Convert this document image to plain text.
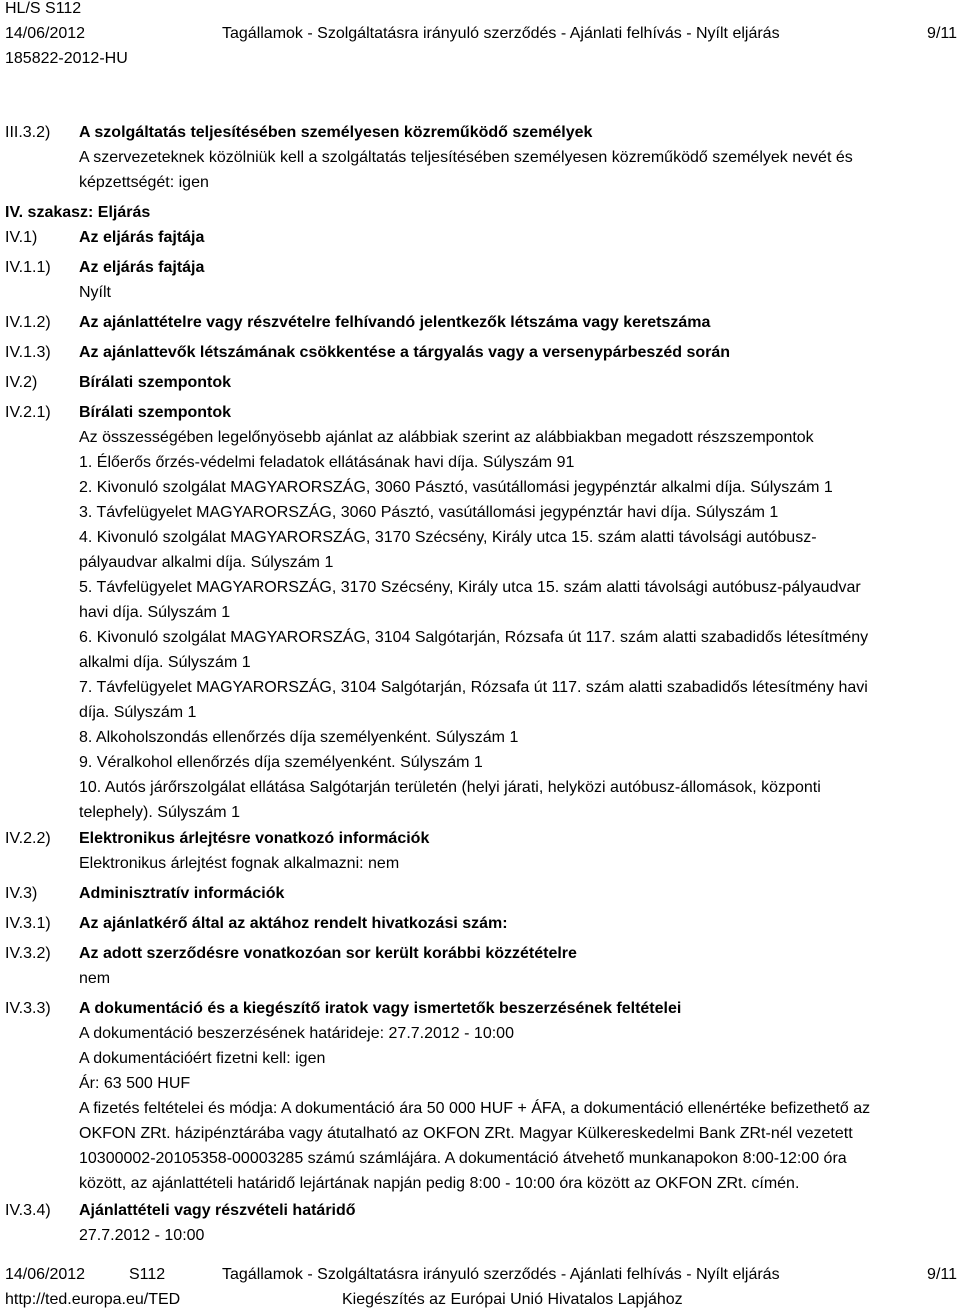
HL/S S112
14/06/2012	Tagállamok - Szolgáltatásra irányuló szerződés - Ajánlati felhívás - Nyílt eljárás	9/11
185822-2012-HU
III.3.2) A szolgáltatás teljesítésében személyesen közreműködő személyek
A szervezeteknek közölniük kell a szolgáltatás teljesítésében személyesen közreműködő személyek nevét és
képzettségét: igen
IV. szakasz: Eljárás
IV.1)	Az eljárás fajtája
IV.1.1) Az eljárás fajtája
Nyílt
IV.1.2) Az ajánlattételre vagy részvételre felhívandó jelentkezők létszáma vagy keretszáma
IV.1.3) Az ajánlattevők létszámának csökkentése a tárgyalás vagy a versenypárbeszéd során
IV.2)	Bírálati szempontok
IV.2.1) Bírálati szempontok
Az összességében legelőnyösebb ajánlat az alábbiak szerint az alábbiakban megadott részszempontok
1. Élőerős őrzés-védelmi feladatok ellátásának havi díja. Súlyszám 91
2. Kivonuló szolgálat MAGYARORSZÁG, 3060 Pásztó, vasútállomási jegypénztár alkalmi díja. Súlyszám 1
3. Távfelügyelet MAGYARORSZÁG, 3060 Pásztó, vasútállomási jegypénztár havi díja. Súlyszám 1
4. Kivonuló szolgálat MAGYARORSZÁG, 3170 Szécsény, Király utca 15. szám alatti távolsági autóbusz-
pályaudvar alkalmi díja. Súlyszám 1
5. Távfelügyelet MAGYARORSZÁG, 3170 Szécsény, Király utca 15. szám alatti távolsági autóbusz-pályaudvar
havi díja. Súlyszám 1
6. Kivonuló szolgálat MAGYARORSZÁG, 3104 Salgótarján, Rózsafa út 117. szám alatti szabadidős létesítmény
alkalmi díja. Súlyszám 1
7. Távfelügyelet MAGYARORSZÁG, 3104 Salgótarján, Rózsafa út 117. szám alatti szabadidős létesítmény havi
díja. Súlyszám 1
8. Alkoholszondás ellenőrzés díja személyenként. Súlyszám 1
9. Véralkohol ellenőrzés díja személyenként. Súlyszám 1
10. Autós járőrszolgálat ellátása Salgótarján területén (helyi járati, helyközi autóbusz-állomások, központi
telephely). Súlyszám 1
IV.2.2) Elektronikus árlejtésre vonatkozó információk
Elektronikus árlejtést fognak alkalmazni: nem
IV.3)	Adminisztratív információk
IV.3.1) Az ajánlatkérő által az aktához rendelt hivatkozási szám:
IV.3.2) Az adott szerződésre vonatkozóan sor került korábbi közzétételre
nem
IV.3.3) A dokumentáció és a kiegészítő iratok vagy ismertetők beszerzésének feltételei
A dokumentáció beszerzésének határideje: 27.7.2012 - 10:00
A dokumentációért fizetni kell: igen
Ár: 63 500 HUF
A fizetés feltételei és módja: A dokumentáció ára 50 000 HUF + ÁFA, a dokumentáció ellenértéke befizethető az
OKFON ZRt. házipénztárába vagy átutalható az OKFON ZRt. Magyar Külkereskedelmi Bank ZRt-nél vezetett
10300002-20105358-00003285 számú számlájára. A dokumentáció átvehető munkanapokon 8:00-12:00 óra
között, az ajánlattételi határidő lejártának napján pedig 8:00 - 10:00 óra között az OKFON ZRt. címén.
IV.3.4) Ajánlattételi vagy részvételi határidő
27.7.2012 - 10:00
14/06/2012	S112	Tagállamok - Szolgáltatásra irányuló szerződés - Ajánlati felhívás - Nyílt eljárás	9/11
http://ted.europa.eu/TED	Kiegészítés az Európai Unió Hivatalos Lapjához
